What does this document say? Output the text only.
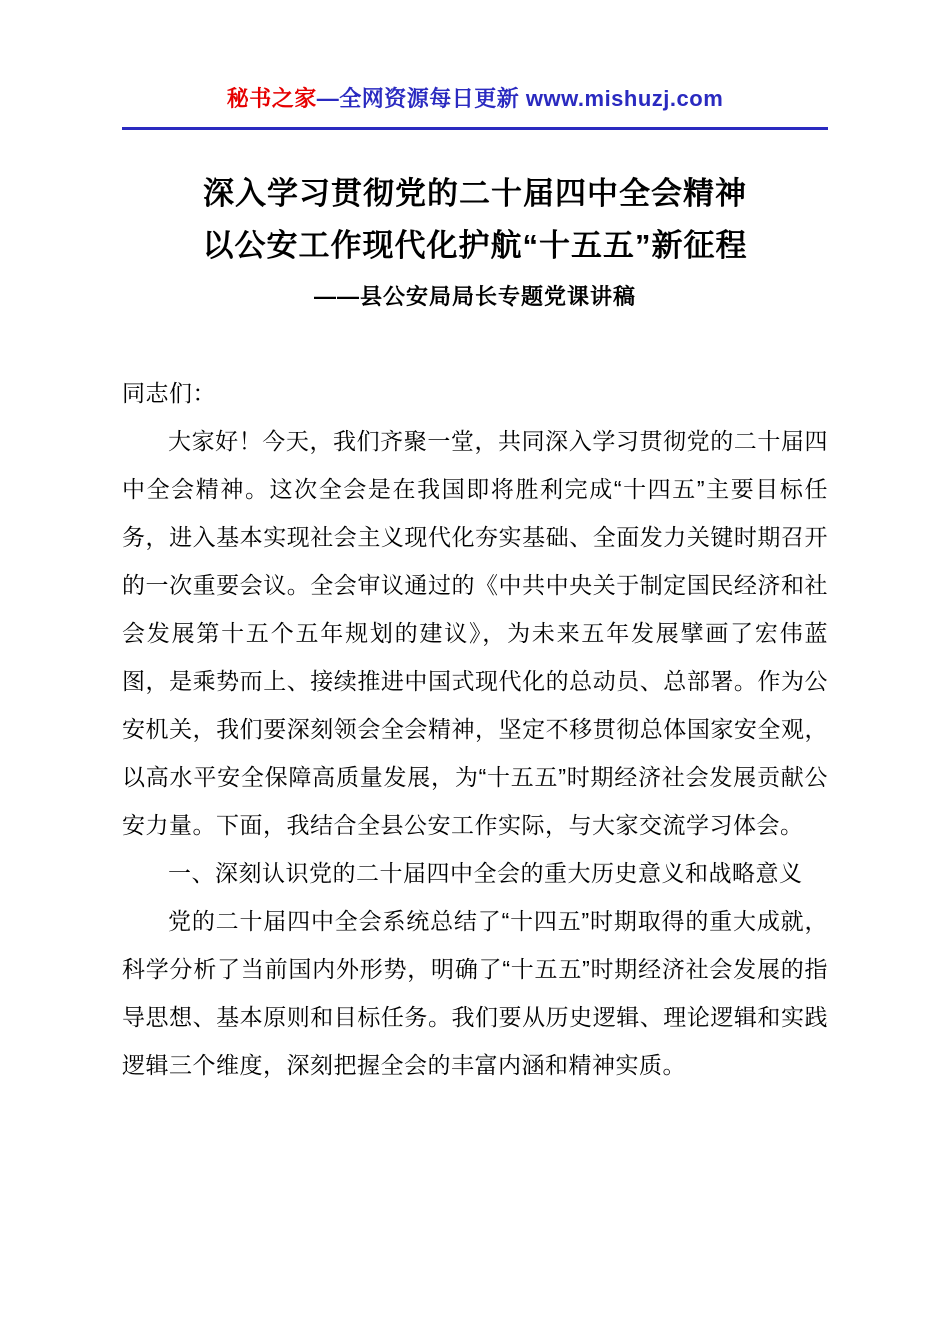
秘书之家—全网资源每日更新 www.mishuzj.com
深入学习贯彻党的二十届四中全会精神
以公安工作现代化护航“十五五”新征程
——县公安局局长专题党课讲稿

同志们：

大家好！今天，我们齐聚一堂，共同深入学习贯彻党的二十届四中全会精神。这次全会是在我国即将胜利完成“十四五”主要目标任务，进入基本实现社会主义现代化夯实基础、全面发力关键时期召开的一次重要会议。全会审议通过的《中共中央关于制定国民经济和社会发展第十五个五年规划的建议》，为未来五年发展擘画了宏伟蓝图，是乘势而上、接续推进中国式现代化的总动员、总部署。作为公安机关，我们要深刻领会全会精神，坚定不移贯彻总体国家安全观，以高水平安全保障高质量发展，为“十五五”时期经济社会发展贡献公安力量。下面，我结合全县公安工作实际，与大家交流学习体会。

一、深刻认识党的二十届四中全会的重大历史意义和战略意义

党的二十届四中全会系统总结了“十四五”时期取得的重大成就，科学分析了当前国内外形势，明确了“十五五”时期经济社会发展的指导思想、基本原则和目标任务。我们要从历史逻辑、理论逻辑和实践逻辑三个维度，深刻把握全会的丰富内涵和精神实质。
